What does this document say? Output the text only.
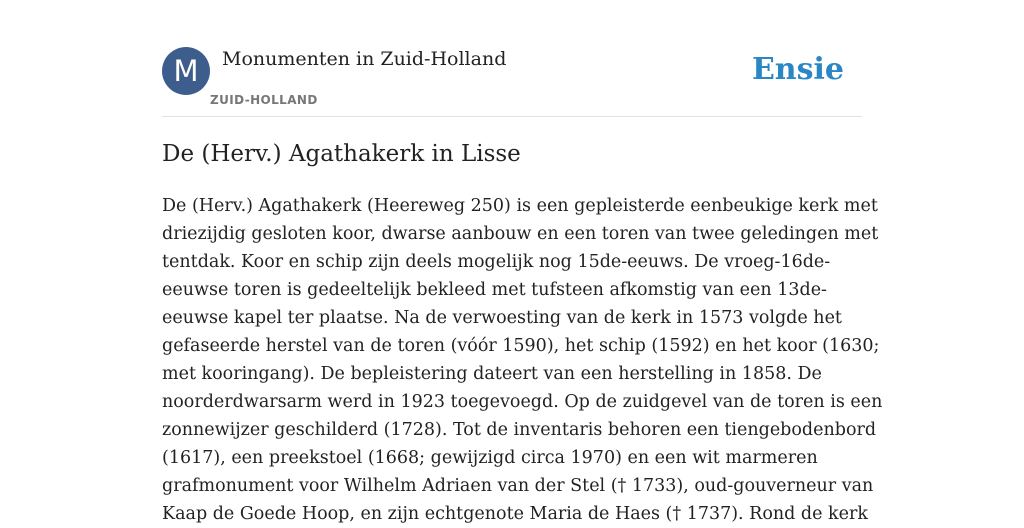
M	Monumenten in Zuid-Holland
ZUID-HOLLAND
Ensie
De (Herv.) Agathakerk in Lisse
De (Herv.) Agathakerk (Heereweg 250) is een gepleisterde eenbeukige kerk met
driezijdig gesloten koor, dwarse aanbouw en een toren van twee geledingen met
tentdak. Koor en schip zijn deels mogelijk nog 15de-eeuws. De vroeg-16de-
eeuwse toren is gedeeltelijk bekleed met tufsteen afkomstig van een 13de-
eeuwse kapel ter plaatse. Na de verwoesting van de kerk in 1573 volgde het
gefaseerde herstel van de toren (vóór 1590), het schip (1592) en het koor (1630;
met kooringang). De bepleistering dateert van een herstelling in 1858. De
noorderdwarsarm werd in 1923 toegevoegd. Op de zuidgevel van de toren is een
zonnewijzer geschilderd (1728). Tot de inventaris behoren een tiengebodenbord
(1617), een preekstoel (1668; gewijzigd circa 1970) en een wit marmeren
grafmonument voor Wilhelm Adriaen van der Stel († 1733), oud-gouverneur van
Kaap de Goede Hoop, en zijn echtgenote Maria de Haes († 1737). Rond de kerk
